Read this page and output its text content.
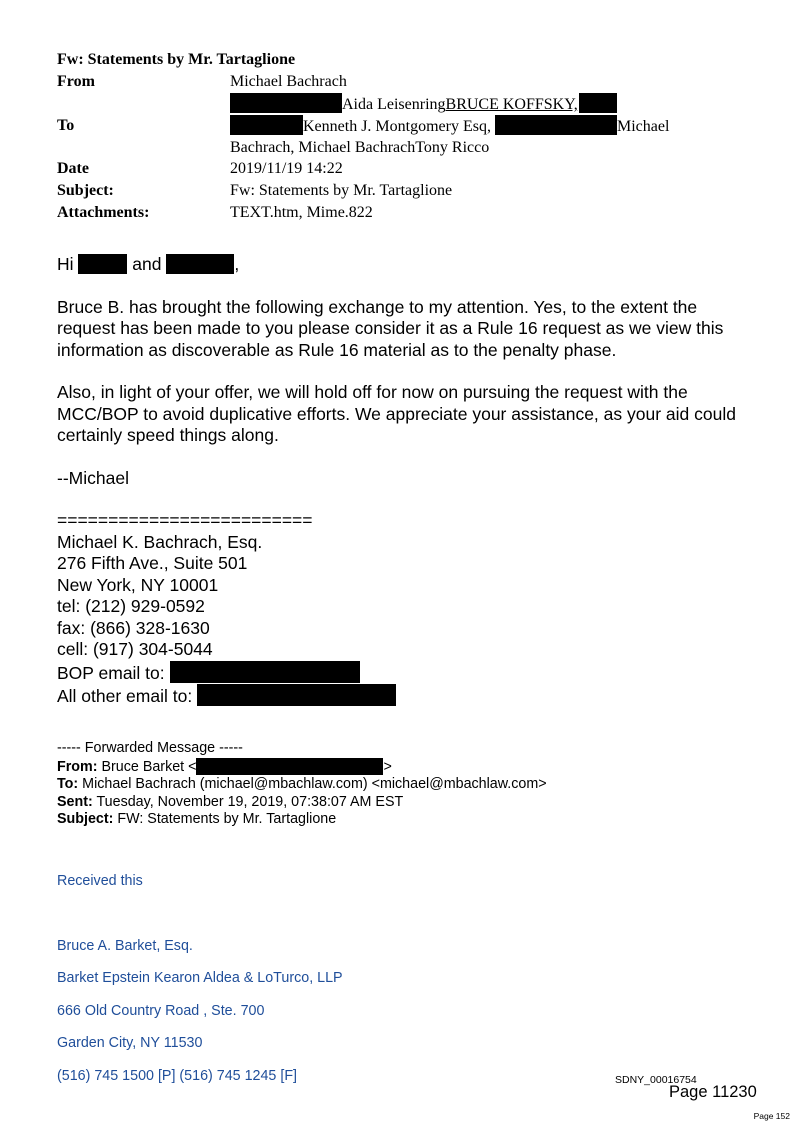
Fw: Statements by Mr. Tartaglione
From	Michael Bachrach
To	Aida LeisenringBRUCE KOFFSKY,
Kenneth J. Montgomery Esq, Michael
Bachrach, Michael BachrachTony Ricco

Date	2019/11/19 14:22
Subject:	Fw: Statements by Mr. Tartaglione
Attachments:	TEXT.htm, Mime.822

Hi	and	,

Bruce B. has brought the following exchange to my attention. Yes, to the extent the request has been made to you please consider it as a Rule 16 request as we view this information as discoverable as Rule 16 material as to the penalty phase.

Also, in light of your offer, we will hold off for now on pursuing the request with the MCC/BOP to avoid duplicative efforts. We appreciate your assistance, as your aid could certainly speed things along.

--Michael

=========================
Michael K. Bachrach, Esq.
276 Fifth Ave., Suite 501
New York, NY 10001
tel: (212) 929-0592
fax: (866) 328-1630
cell: (917) 304-5044
BOP email to:
All other email to:
----- Forwarded Message -----
From: Bruce Barket <	>
To: Michael Bachrach (michael@mbachlaw.com) <michael@mbachlaw.com>
Sent: Tuesday, November 19, 2019, 07:38:07 AM EST
Subject: FW: Statements by Mr. Tartaglione
Received this
Bruce A. Barket, Esq.
Barket Epstein Kearon Aldea & LoTurco, LLP
666 Old Country Road , Ste. 700
Garden City, NY 11530
(516) 745 1500 [P] (516) 745 1245 [F]	SDNY_00016754
Page 11230
Page 152
